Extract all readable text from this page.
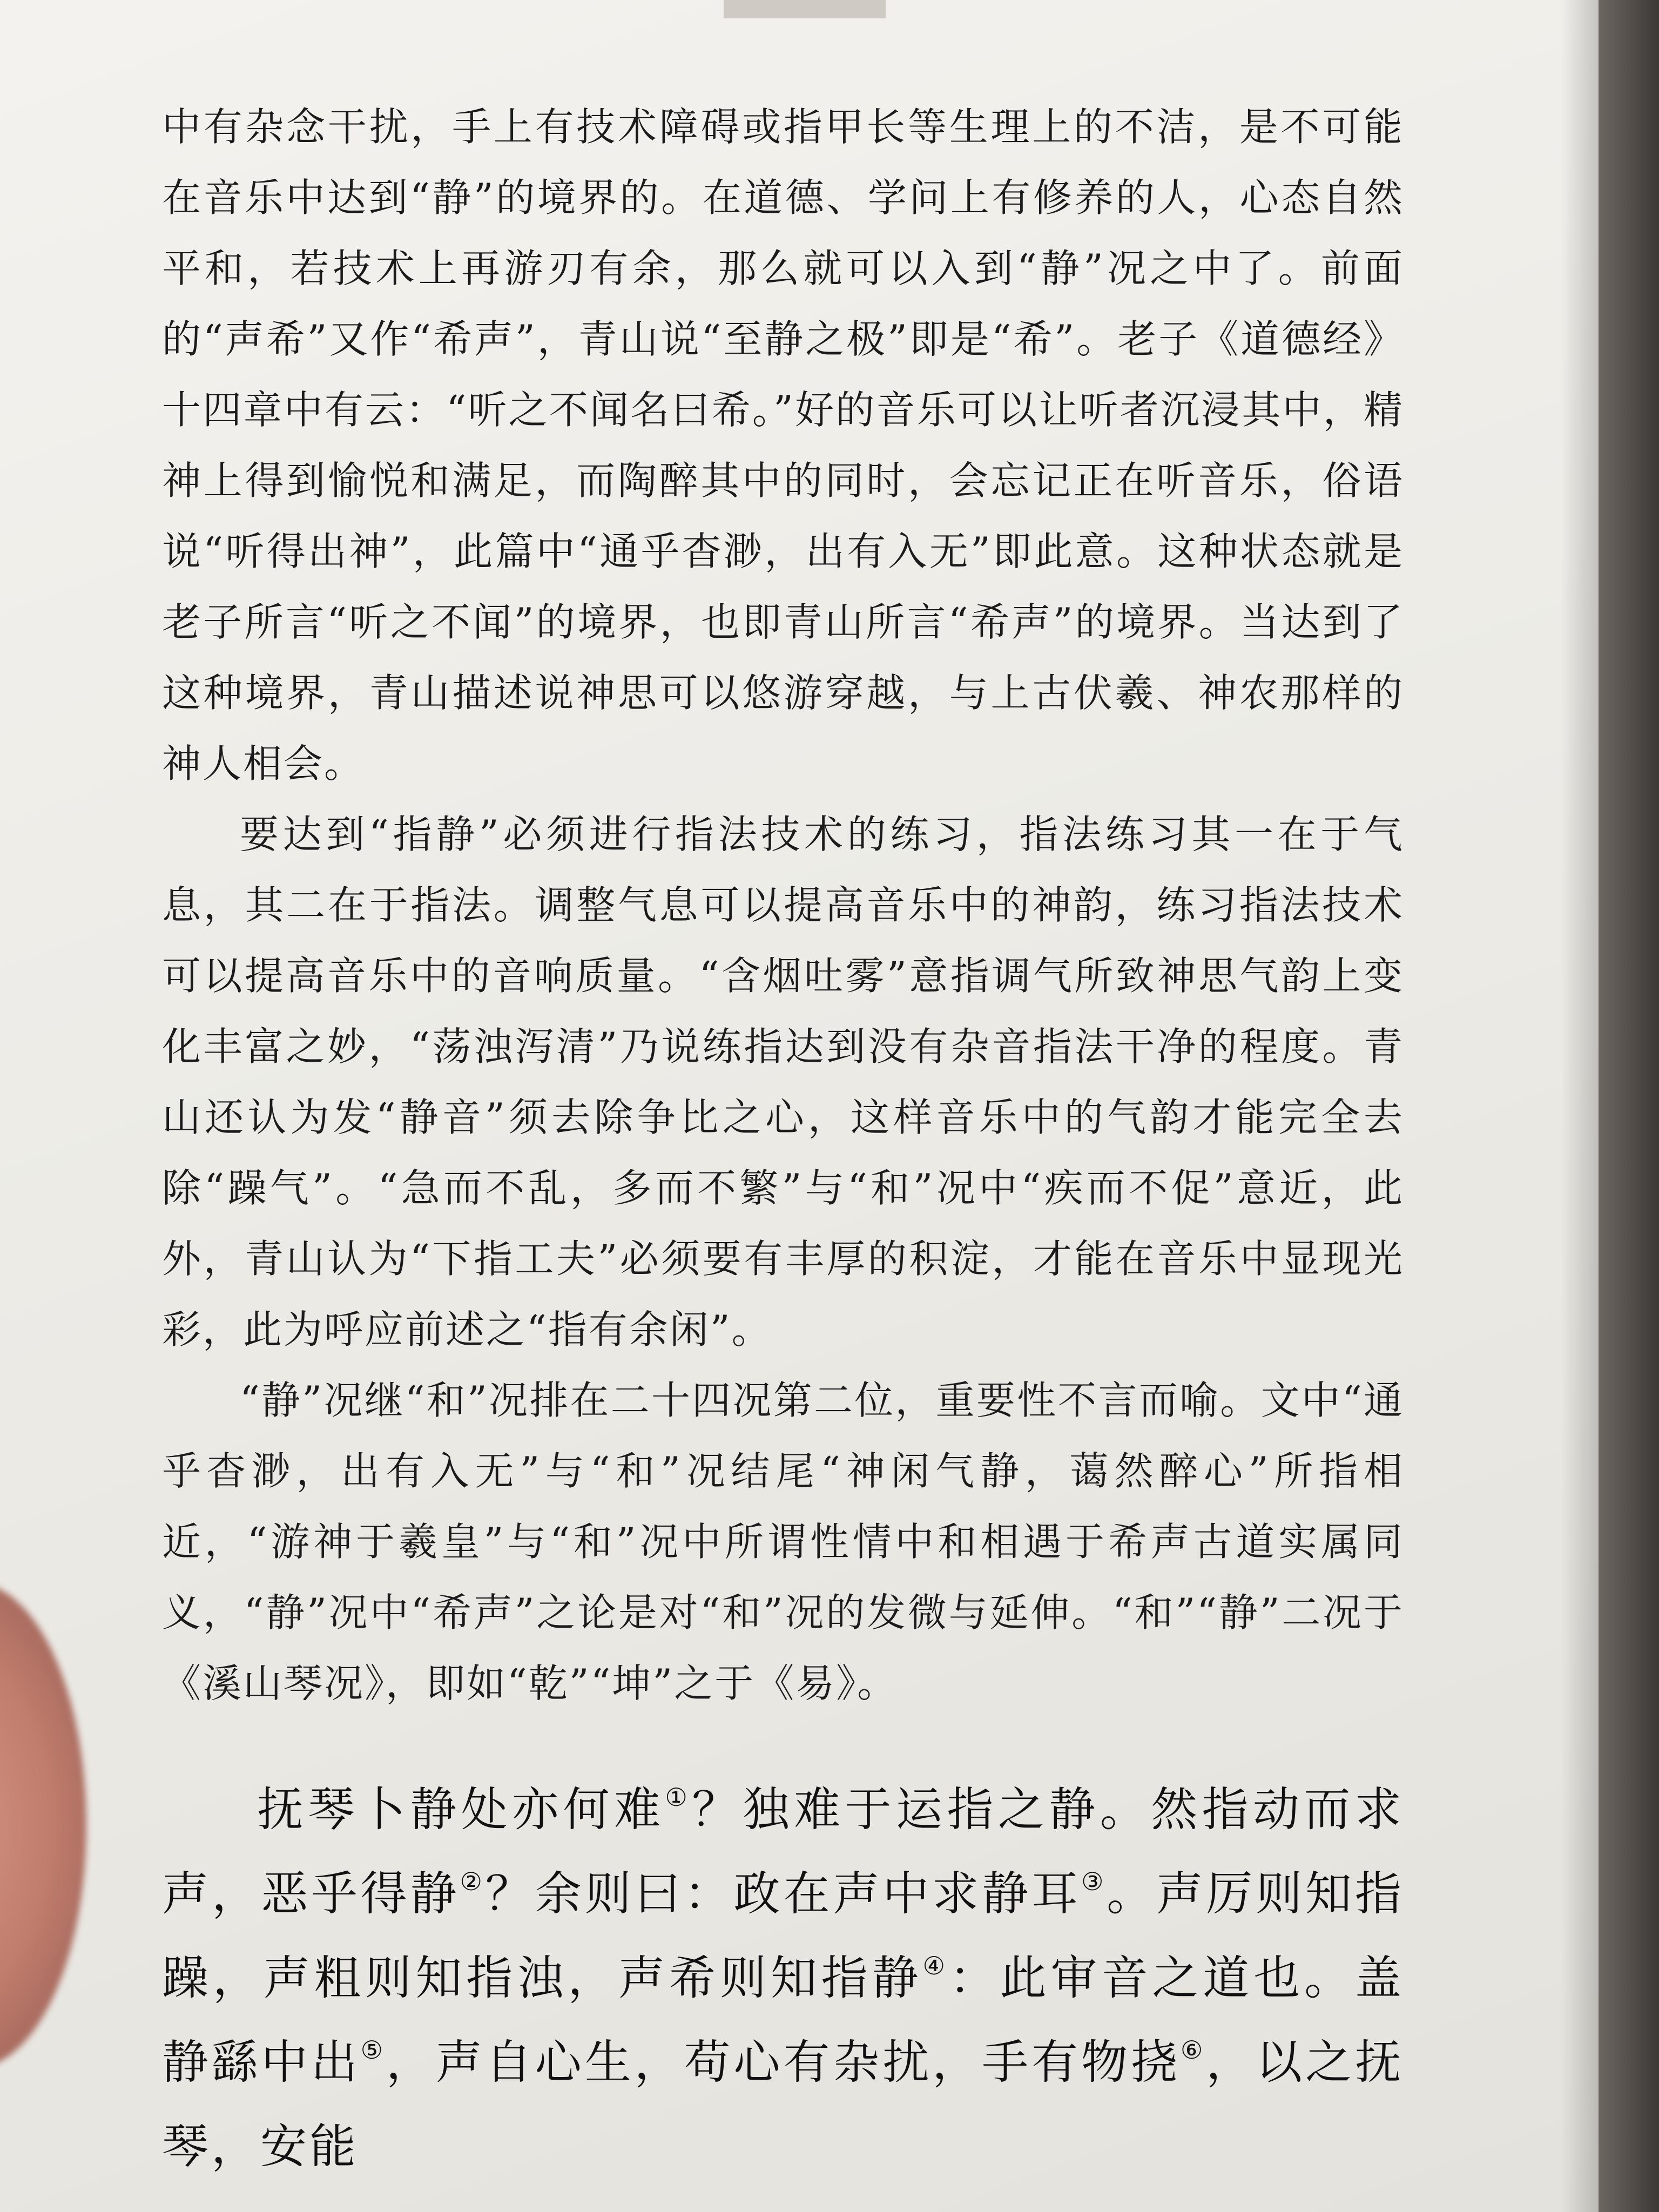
中有杂念干扰，手上有技术障碍或指甲长等生理上的不洁，是不可能在音乐中达到“静”的境界的。在道德、学问上有修养的人，心态自然平和，若技术上再游刃有余，那么就可以入到“静”况之中了。前面的“声希”又作“希声”，青山说“至静之极”即是“希”。老子《道德经》十四章中有云：“听之不闻名曰希。”好的音乐可以让听者沉浸其中，精神上得到愉悦和满足，而陶醉其中的同时，会忘记正在听音乐，俗语说“听得出神”，此篇中“通乎杳渺，出有入无”即此意。这种状态就是老子所言“听之不闻”的境界，也即青山所言“希声”的境界。当达到了这种境界，青山描述说神思可以悠游穿越，与上古伏羲、神农那样的神人相会。

要达到“指静”必须进行指法技术的练习，指法练习其一在于气息，其二在于指法。调整气息可以提高音乐中的神韵，练习指法技术可以提高音乐中的音响质量。“含烟吐雾”意指调气所致神思气韵上变化丰富之妙，“荡浊泻清”乃说练指达到没有杂音指法干净的程度。青山还认为发“静音”须去除争比之心，这样音乐中的气韵才能完全去除“躁气”。“急而不乱，多而不繁”与“和”况中“疾而不促”意近，此外，青山认为“下指工夫”必须要有丰厚的积淀，才能在音乐中显现光彩，此为呼应前述之“指有余闲”。

“静”况继“和”况排在二十四况第二位，重要性不言而喻。文中“通乎杳渺，出有入无”与“和”况结尾“神闲气静，蔼然醉心”所指相近，“游神于羲皇”与“和”况中所谓性情中和相遇于希声古道实属同义，“静”况中“希声”之论是对“和”况的发微与延伸。“和”“静”二况于《溪山琴况》，即如“乾”“坤”之于《易》。

抚琴卜静处亦何难①？独难于运指之静。然指动而求声，恶乎得静②？余则曰：政在声中求静耳③。声厉则知指躁，声粗则知指浊，声希则知指静④：此审音之道也。盖静繇中出⑤，声自心生，苟心有杂扰，手有物挠⑥，以之抚琴，安能
